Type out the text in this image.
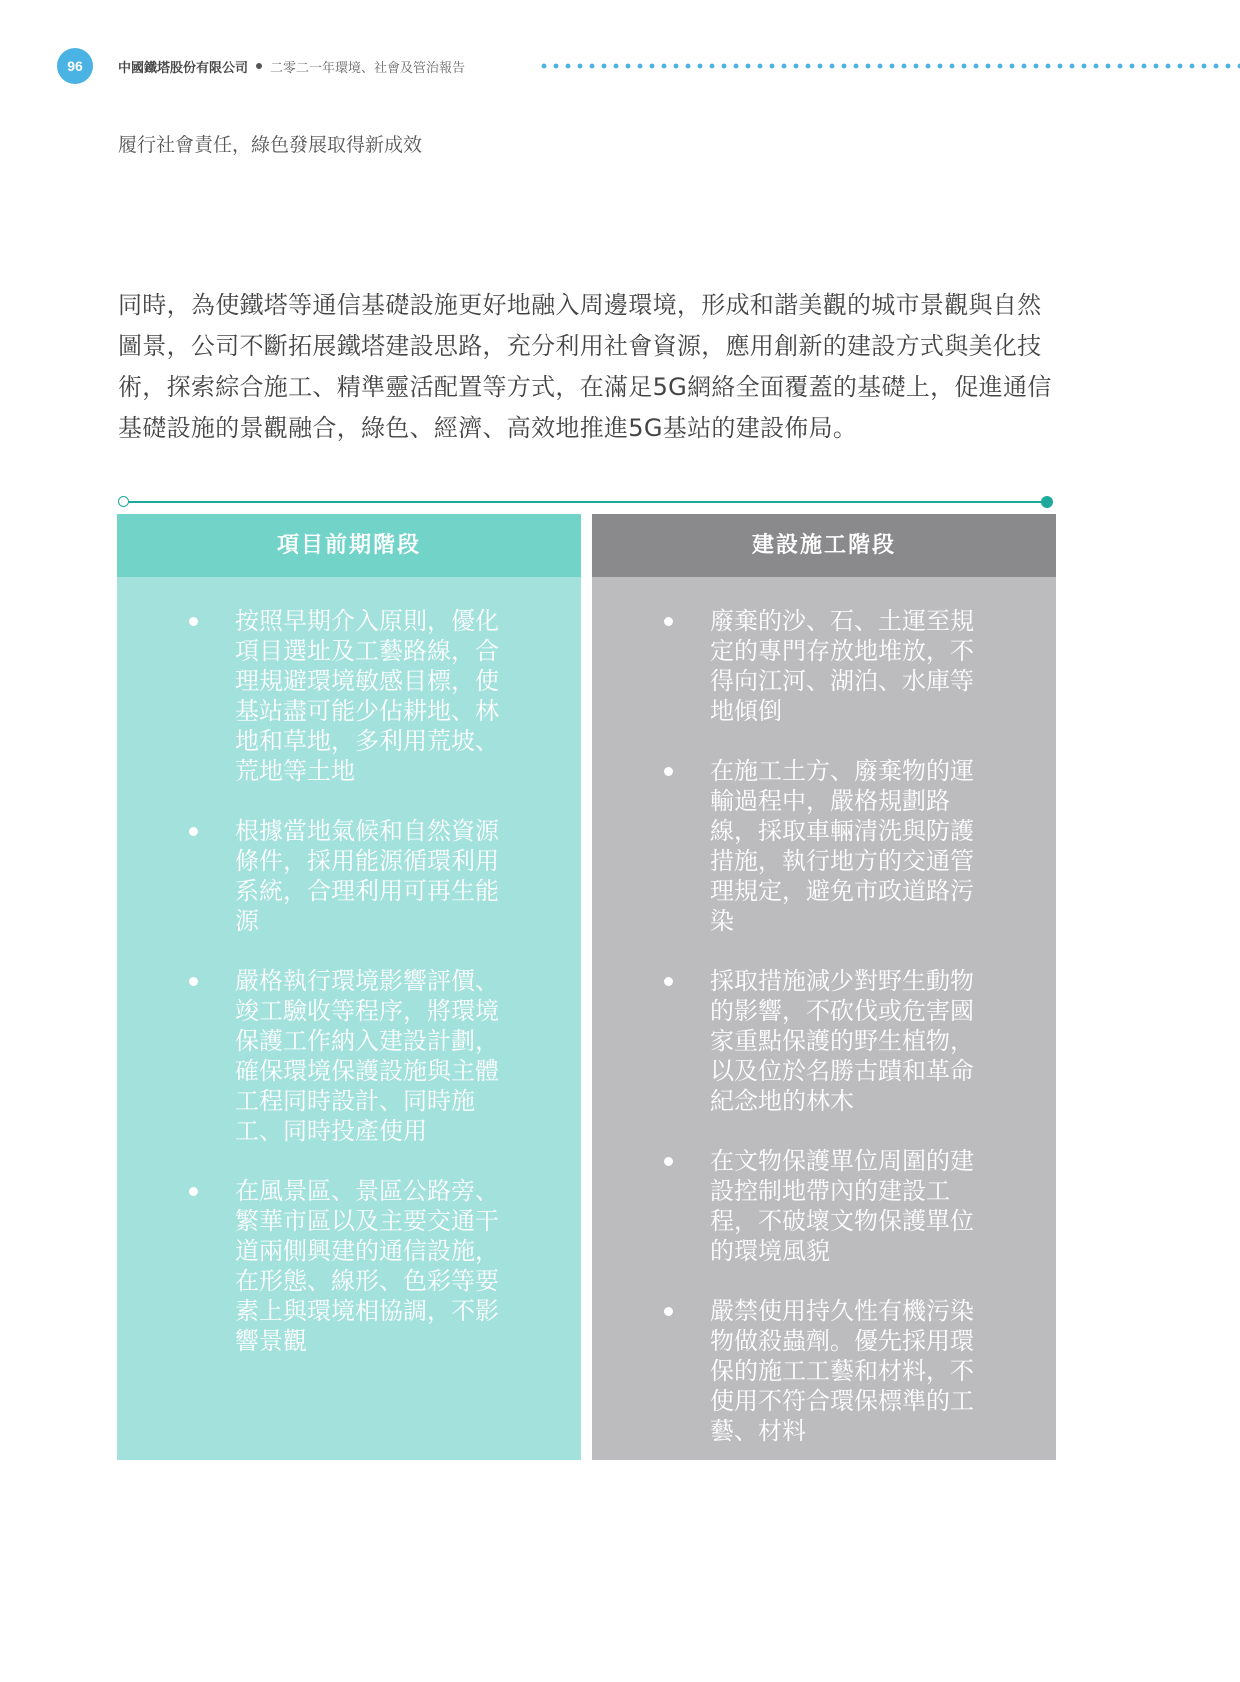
96	中國鐵塔股份有限公司 二零二一年環境、社會及管治報告
履行社會責任，綠色發展取得新成效
同時，為使鐵塔等通信基礎設施更好地融入周邊環境，形成和諧美觀的城市景觀與自然圖景，公司不斷拓展鐵塔建設思路，充分利用社會資源，應用創新的建設方式與美化技術，探索綜合施工、精準靈活配置等方式，在滿足5G網絡全面覆蓋的基礎上，促進通信基礎設施的景觀融合，綠色、經濟、高效地推進5G基站的建設佈局。
項目前期階段
按照早期介入原則，優化項目選址及工藝路線，合理規避環境敏感目標，使基站盡可能少佔耕地、林地和草地，多利用荒坡、荒地等土地
根據當地氣候和自然資源條件，採用能源循環利用系統，合理利用可再生能源
嚴格執行環境影響評價、竣工驗收等程序，將環境保護工作納入建設計劃，確保環境保護設施與主體工程同時設計、同時施工、同時投產使用
在風景區、景區公路旁、繁華市區以及主要交通干道兩側興建的通信設施，在形態、線形、色彩等要素上與環境相協調，不影響景觀
建設施工階段
廢棄的沙、石、土運至規定的專門存放地堆放，不得向江河、湖泊、水庫等地傾倒
在施工土方、廢棄物的運輸過程中，嚴格規劃路線，採取車輛清洗與防護措施，執行地方的交通管理規定，避免市政道路污染
採取措施減少對野生動物的影響，不砍伐或危害國家重點保護的野生植物，以及位於名勝古蹟和革命紀念地的林木
在文物保護單位周圍的建設控制地帶內的建設工程，不破壞文物保護單位的環境風貌
嚴禁使用持久性有機污染物做殺蟲劑。優先採用環保的施工工藝和材料，不使用不符合環保標準的工藝、材料
